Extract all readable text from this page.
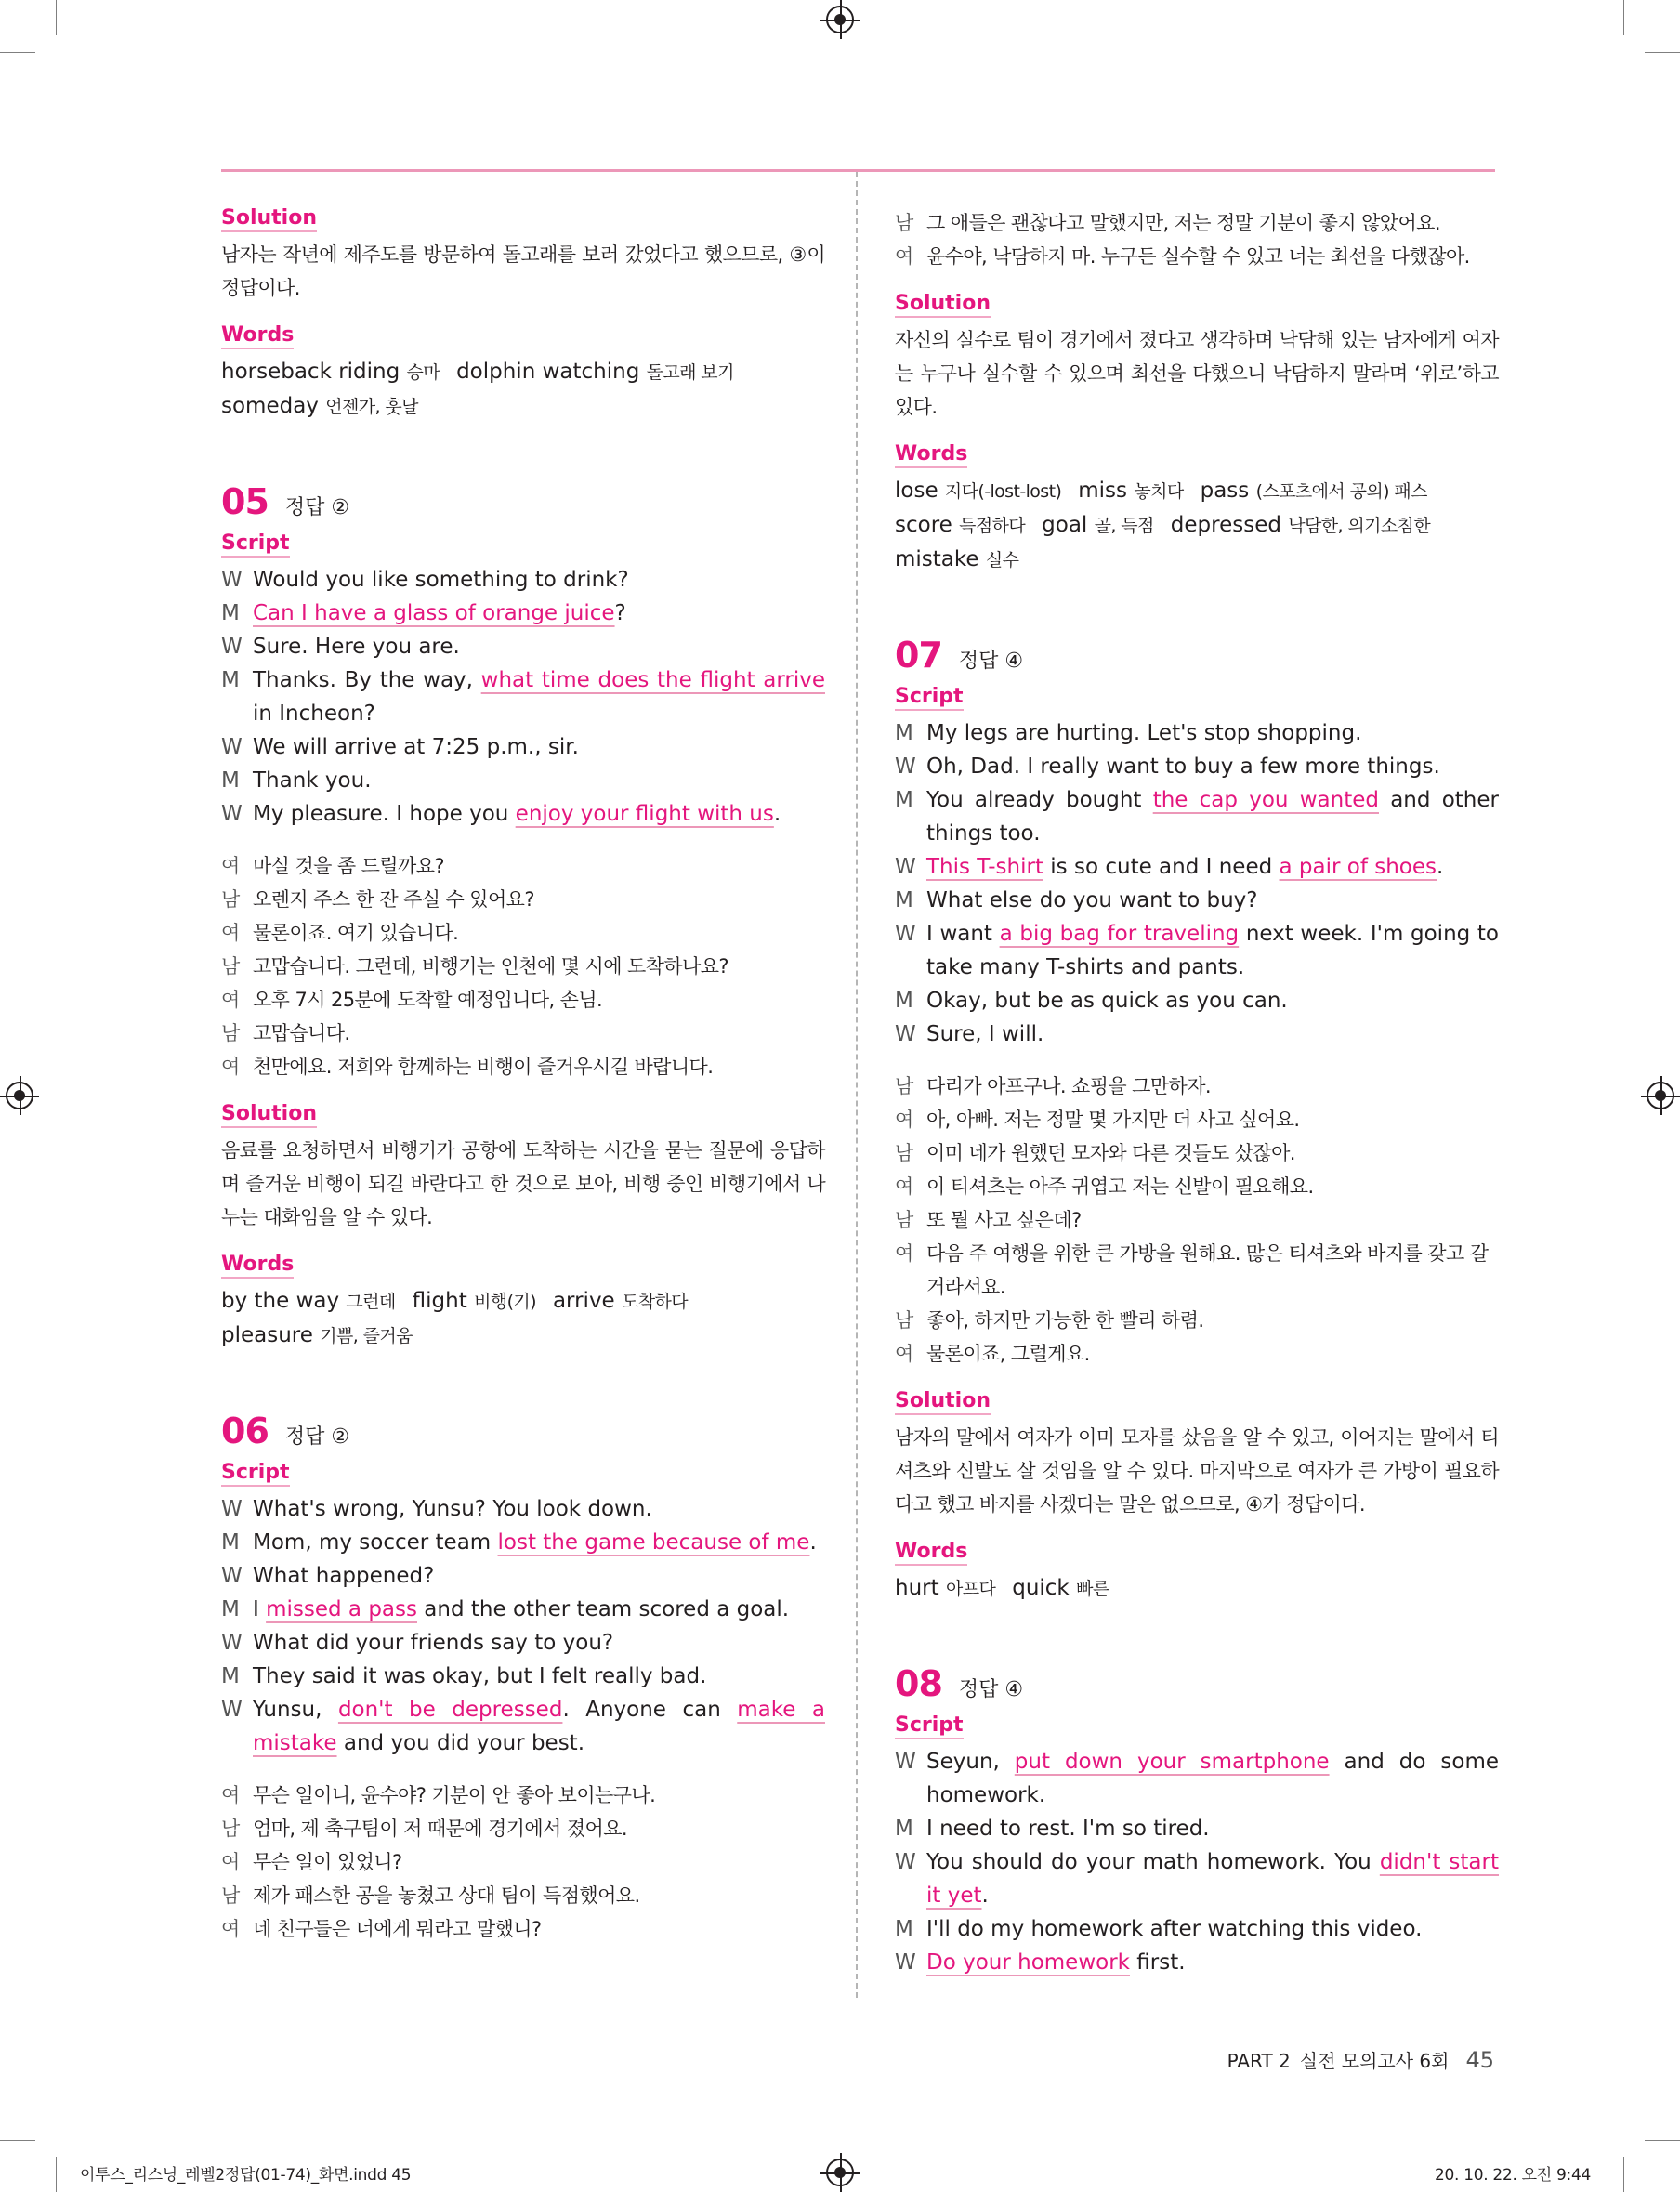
Solution
남자는 작년에 제주도를 방문하여 돌고래를 보러 갔었다고 했으므로, ③이 정답이다.
Words
horseback riding 승마 dolphin watching 돌고래 보기
someday 언젠가, 훗날
05 정답 ②
Script
W Would you like something to drink?
M Can I have a glass of orange juice?
W Sure. Here you are.
M Thanks. By the way, what time does the flight arrive in Incheon?
W We will arrive at 7:25 p.m., sir.
M Thank you.
W My pleasure. I hope you enjoy your flight with us.
여 마실 것을 좀 드릴까요?
남 오렌지 주스 한 잔 주실 수 있어요?
여 물론이죠. 여기 있습니다.
남 고맙습니다. 그런데, 비행기는 인천에 몇 시에 도착하나요?
여 오후 7시 25분에 도착할 예정입니다, 손님.
남 고맙습니다.
여 천만에요. 저희와 함께하는 비행이 즐거우시길 바랍니다.
Solution
음료를 요청하면서 비행기가 공항에 도착하는 시간을 묻는 질문에 응답하며 즐거운 비행이 되길 바란다고 한 것으로 보아, 비행 중인 비행기에서 나누는 대화임을 알 수 있다.
Words
by the way 그런데 flight 비행(기) arrive 도착하다
pleasure 기쁨, 즐거움
06 정답 ②
Script
W What's wrong, Yunsu? You look down.
M Mom, my soccer team lost the game because of me.
W What happened?
M I missed a pass and the other team scored a goal.
W What did your friends say to you?
M They said it was okay, but I felt really bad.
W Yunsu, don't be depressed. Anyone can make a mistake and you did your best.
여 무슨 일이니, 윤수야? 기분이 안 좋아 보이는구나.
남 엄마, 제 축구팀이 저 때문에 경기에서 졌어요.
여 무슨 일이 있었니?
남 제가 패스한 공을 놓쳤고 상대 팀이 득점했어요.
여 네 친구들은 너에게 뭐라고 말했니?
남 그 애들은 괜찮다고 말했지만, 저는 정말 기분이 좋지 않았어요.
여 윤수야, 낙담하지 마. 누구든 실수할 수 있고 너는 최선을 다했잖아.
Solution
자신의 실수로 팀이 경기에서 졌다고 생각하며 낙담해 있는 남자에게 여자는 누구나 실수할 수 있으며 최선을 다했으니 낙담하지 말라며 ‘위로’하고 있다.
Words
lose 지다(-lost-lost) miss 놓치다 pass (스포츠에서 공의) 패스
score 득점하다 goal 골, 득점 depressed 낙담한, 의기소침한
mistake 실수
07 정답 ④
Script
M My legs are hurting. Let's stop shopping.
W Oh, Dad. I really want to buy a few more things.
M You already bought the cap you wanted and other things too.
W This T-shirt is so cute and I need a pair of shoes.
M What else do you want to buy?
W I want a big bag for traveling next week. I'm going to take many T-shirts and pants.
M Okay, but be as quick as you can.
W Sure, I will.
남 다리가 아프구나. 쇼핑을 그만하자.
여 아, 아빠. 저는 정말 몇 가지만 더 사고 싶어요.
남 이미 네가 원했던 모자와 다른 것들도 샀잖아.
여 이 티셔츠는 아주 귀엽고 저는 신발이 필요해요.
남 또 뭘 사고 싶은데?
여 다음 주 여행을 위한 큰 가방을 원해요. 많은 티셔츠와 바지를 갖고 갈 거라서요.
남 좋아, 하지만 가능한 한 빨리 하렴.
여 물론이죠, 그럴게요.
Solution
남자의 말에서 여자가 이미 모자를 샀음을 알 수 있고, 이어지는 말에서 티셔츠와 신발도 살 것임을 알 수 있다. 마지막으로 여자가 큰 가방이 필요하다고 했고 바지를 사겠다는 말은 없으므로, ④가 정답이다.
Words
hurt 아프다 quick 빠른
08 정답 ④
Script
W Seyun, put down your smartphone and do some homework.
M I need to rest. I'm so tired.
W You should do your math homework. You didn't start it yet.
M I'll do my homework after watching this video.
W Do your homework first.
PART 2 실전 모의고사 6회 45
이투스_리스닝_레벨2정답(01-74)_화면.indd 45	20. 10. 22. 오전 9:44
